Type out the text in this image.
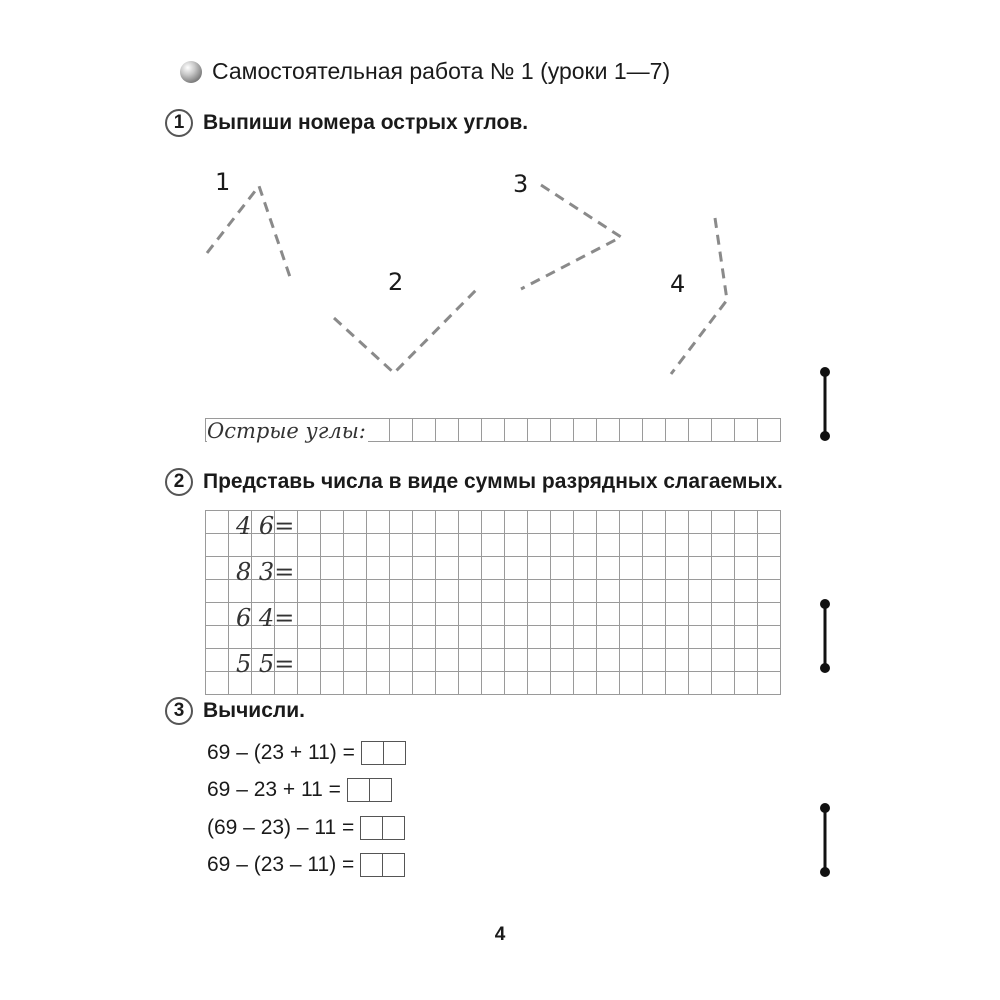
Самостоятельная работа № 1 (уроки 1—7)
1 Выпиши номера острых углов.
1
2
3
4
Острые углы:
2 Представь числа в виде суммы разрядных слагаемых.
4 6=
8 3=
6 4=
5 5=
3 Вычисли.
69 – (23 + 11) =
69 – 23 + 11 =
(69 – 23) – 11 =
69 – (23 – 11) =
4
